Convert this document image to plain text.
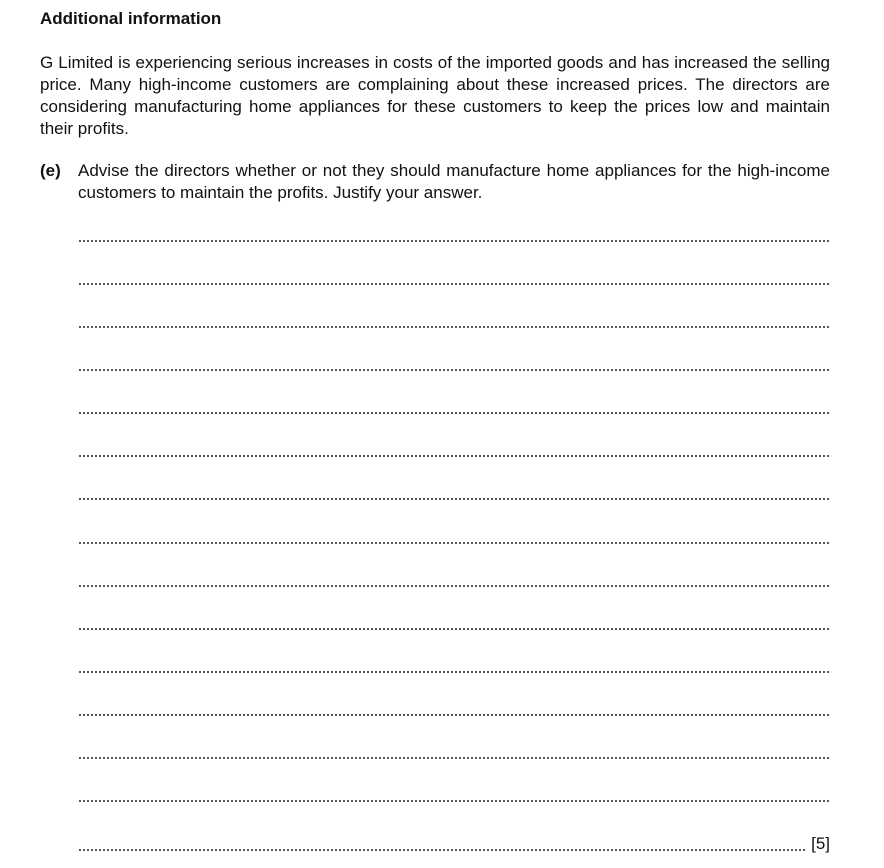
Additional information

G Limited is experiencing serious increases in costs of the imported goods and has increased the selling price. Many high-income customers are complaining about these increased prices. The directors are considering manufacturing home appliances for these customers to keep the prices low and maintain their profits.

(e) Advise the directors whether or not they should manufacture home appliances for the high-income customers to maintain the profits. Justify your answer.
[5]
